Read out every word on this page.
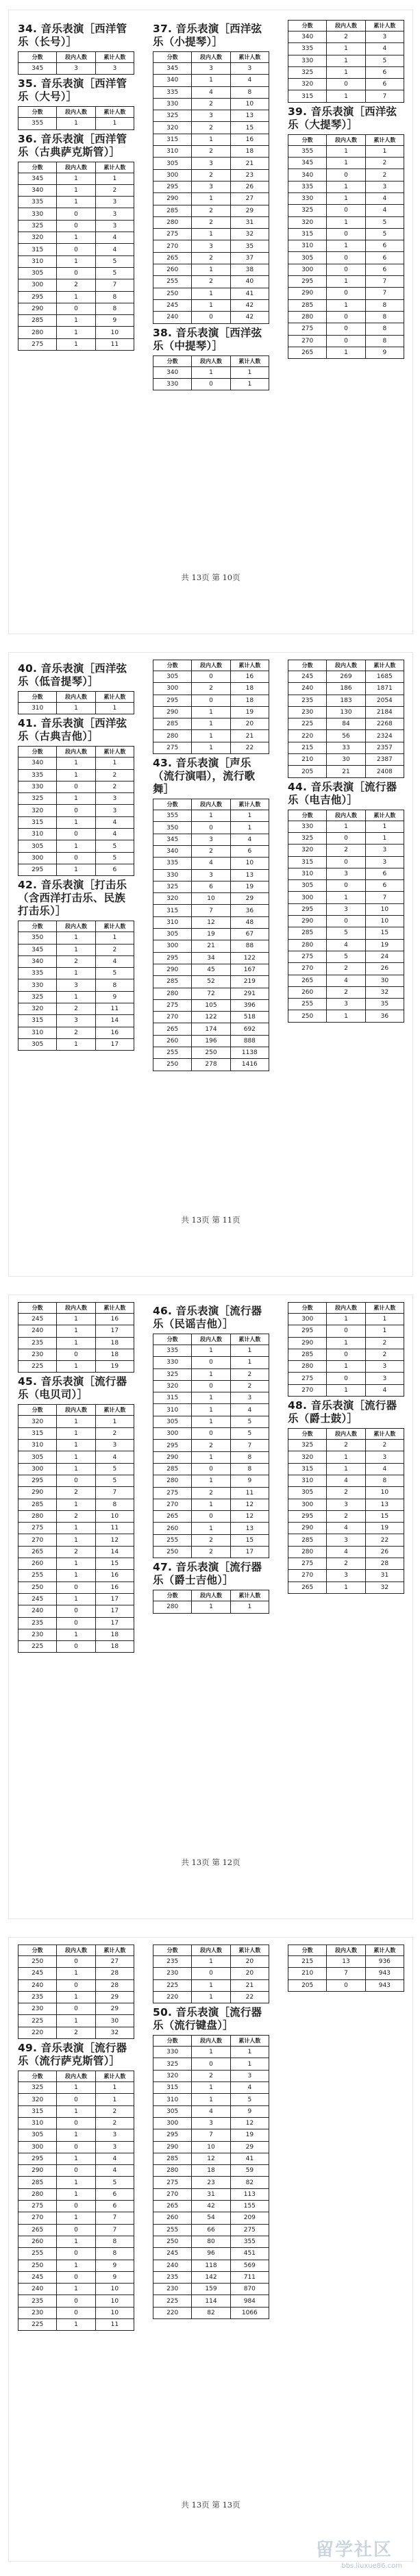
34. 音乐表演［西洋管乐（长号）］
分数	段内人数	累计人数
345	3	3
35. 音乐表演［西洋管乐（大号）］
分数	段内人数	累计人数
355	1	1
36. 音乐表演［西洋管乐（古典萨克斯管）］
分数	段内人数	累计人数
345	1	1
340	1	2
335	1	3
330	0	3
325	0	3
320	1	4
315	0	4
310	1	5
305	0	5
300	2	7
295	1	8
290	0	8
285	1	9
280	1	10
275	1	11
37. 音乐表演［西洋弦乐（小提琴）］
分数	段内人数	累计人数
345	3	3
340	1	4
335	4	8
330	2	10
325	3	13
320	2	15
315	1	16
310	2	18
305	3	21
300	2	23
295	3	26
290	1	27
285	2	29
280	2	31
275	1	32
270	3	35
265	2	37
260	1	38
255	2	40
250	1	41
245	1	42
240	0	42
38. 音乐表演［西洋弦乐（中提琴）］
分数	段内人数	累计人数
340	1	1
330	0	1
分数	段内人数	累计人数
340	2	3
335	1	4
330	1	5
325	1	6
320	0	6
315	1	7
39. 音乐表演［西洋弦乐（大提琴）］
分数	段内人数	累计人数
355	1	1
345	1	2
340	0	2
335	1	3
330	1	4
325	0	4
320	1	5
315	0	5
310	1	6
305	0	6
300	0	6
295	1	7
290	0	7
285	1	8
280	0	8
275	0	8
270	0	8
265	1	9
共 13页 第 10页
40. 音乐表演［西洋弦乐（低音提琴）］
分数	段内人数	累计人数
310	1	1
41. 音乐表演［西洋弦乐（古典吉他）］
分数	段内人数	累计人数
340	1	1
335	1	2
330	0	2
325	1	3
320	0	3
315	1	4
310	0	4
305	1	5
300	0	5
295	1	6
42. 音乐表演［打击乐（含西洋打击乐、民族打击乐）］
分数	段内人数	累计人数
350	1	1
345	1	2
340	2	4
335	1	5
330	3	8
325	1	9
320	2	11
315	3	14
310	2	16
305	1	17
分数	段内人数	累计人数
305	0	16
300	2	18
295	0	18
290	1	19
285	1	20
280	1	21
275	1	22
43. 音乐表演［声乐（流行演唱），流行歌舞］
分数	段内人数	累计人数
355	1	1
350	0	1
345	3	4
340	2	6
335	4	10
330	3	13
325	6	19
320	10	29
315	7	36
310	12	48
305	19	67
300	21	88
295	34	122
290	45	167
285	52	219
280	72	291
275	105	396
270	122	518
265	174	692
260	196	888
255	250	1138
250	278	1416
分数	段内人数	累计人数
245	269	1685
240	186	1871
235	183	2054
230	130	2184
225	84	2268
220	56	2324
215	33	2357
210	30	2387
205	21	2408
44. 音乐表演［流行器乐（电吉他）］
分数	段内人数	累计人数
330	1	1
325	0	1
320	2	3
315	0	3
310	3	6
305	0	6
300	1	7
295	3	10
290	0	10
285	5	15
280	4	19
275	5	24
270	2	26
265	4	30
260	2	32
255	3	35
250	1	36
共 13页 第 11页
分数	段内人数	累计人数
245	1	16
240	1	17
235	1	18
230	0	18
225	1	19
45. 音乐表演［流行器乐（电贝司）］
分数	段内人数	累计人数
320	1	1
315	1	2
310	1	3
305	1	4
300	1	5
295	0	5
290	2	7
285	1	8
280	2	10
275	1	11
270	1	12
265	2	14
260	1	15
255	1	16
250	0	16
245	1	17
240	0	17
235	0	17
230	1	18
225	0	18
46. 音乐表演［流行器乐（民谣吉他）］
分数	段内人数	累计人数
335	1	1
330	0	1
325	1	2
320	0	2
315	1	3
310	1	4
305	1	5
300	0	5
295	2	7
290	1	8
285	0	8
280	1	9
275	2	11
270	1	12
265	0	12
260	1	13
255	2	15
250	2	17
47. 音乐表演［流行器乐（爵士吉他）］
分数	段内人数	累计人数
280	1	1
分数	段内人数	累计人数
300	1	1
295	0	1
290	1	2
285	0	2
280	1	3
275	0	3
270	1	4
48. 音乐表演［流行器乐（爵士鼓）］
分数	段内人数	累计人数
325	2	2
320	1	3
315	1	4
310	4	8
305	2	10
300	3	13
295	2	15
290	4	19
285	3	22
280	4	26
275	2	28
270	3	31
265	1	32
共 13页 第 12页
分数	段内人数	累计人数
250	0	27
245	1	28
240	0	28
235	1	29
230	0	29
225	1	30
220	2	32
49. 音乐表演［流行器乐（流行萨克斯管）］
分数	段内人数	累计人数
325	1	1
320	0	1
315	1	2
310	0	2
305	1	3
300	0	3
295	1	4
290	0	4
285	1	5
280	1	6
275	0	6
270	1	7
265	0	7
260	1	8
255	0	8
250	1	9
245	0	9
240	1	10
235	0	10
230	0	10
225	1	11
分数	段内人数	累计人数
235	1	20
230	0	20
225	1	21
220	1	22
50. 音乐表演［流行器乐（流行键盘）］
分数	段内人数	累计人数
330	1	1
325	0	1
320	2	3
315	1	4
310	1	5
305	4	9
300	3	12
295	7	19
290	10	29
285	12	41
280	18	59
275	23	82
270	31	113
265	42	155
260	54	209
255	66	275
250	80	355
245	96	451
240	118	569
235	142	711
230	159	870
225	114	984
220	82	1066
分数	段内人数	累计人数
215	13	936
210	7	943
205	0	943
共 13页 第 13页
留学社区
bbs.liuxue86.com
